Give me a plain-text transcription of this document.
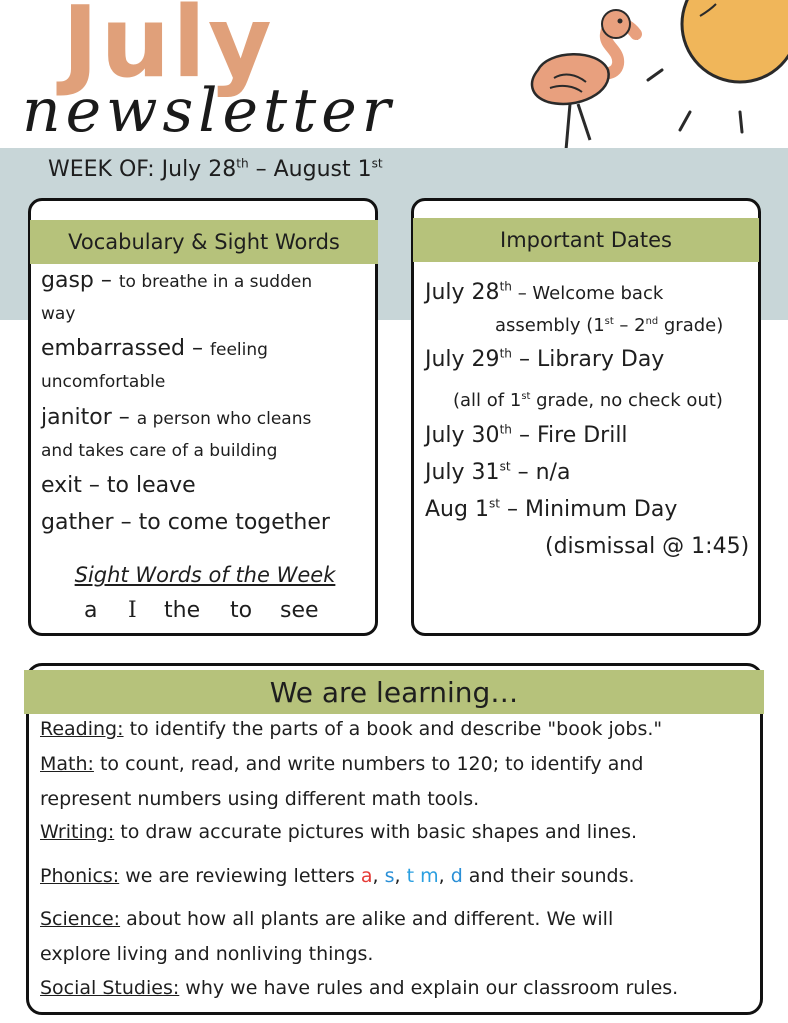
July
newsletter
WEEK OF: July 28th – August 1st
Vocabulary & Sight Words
gasp – to breathe in a sudden
way
embarrassed – feeling
uncomfortable
janitor – a person who cleans
and takes care of a building
exit – to leave
gather – to come together
Sight Words of the Week
a I the to see
Important Dates
July 28th – Welcome back
assembly (1st – 2nd grade)
July 29th – Library Day
(all of 1st grade, no check out)
July 30th – Fire Drill
July 31st – n/a
Aug 1st – Minimum Day
(dismissal @ 1:45)
We are learning…
Reading: to identify the parts of a book and describe "book jobs."
Math: to count, read, and write numbers to 120; to identify and
represent numbers using different math tools.
Writing: to draw accurate pictures with basic shapes and lines.
Phonics: we are reviewing letters a, s, t m, d and their sounds.
Science: about how all plants are alike and different. We will
explore living and nonliving things.
Social Studies: why we have rules and explain our classroom rules.
